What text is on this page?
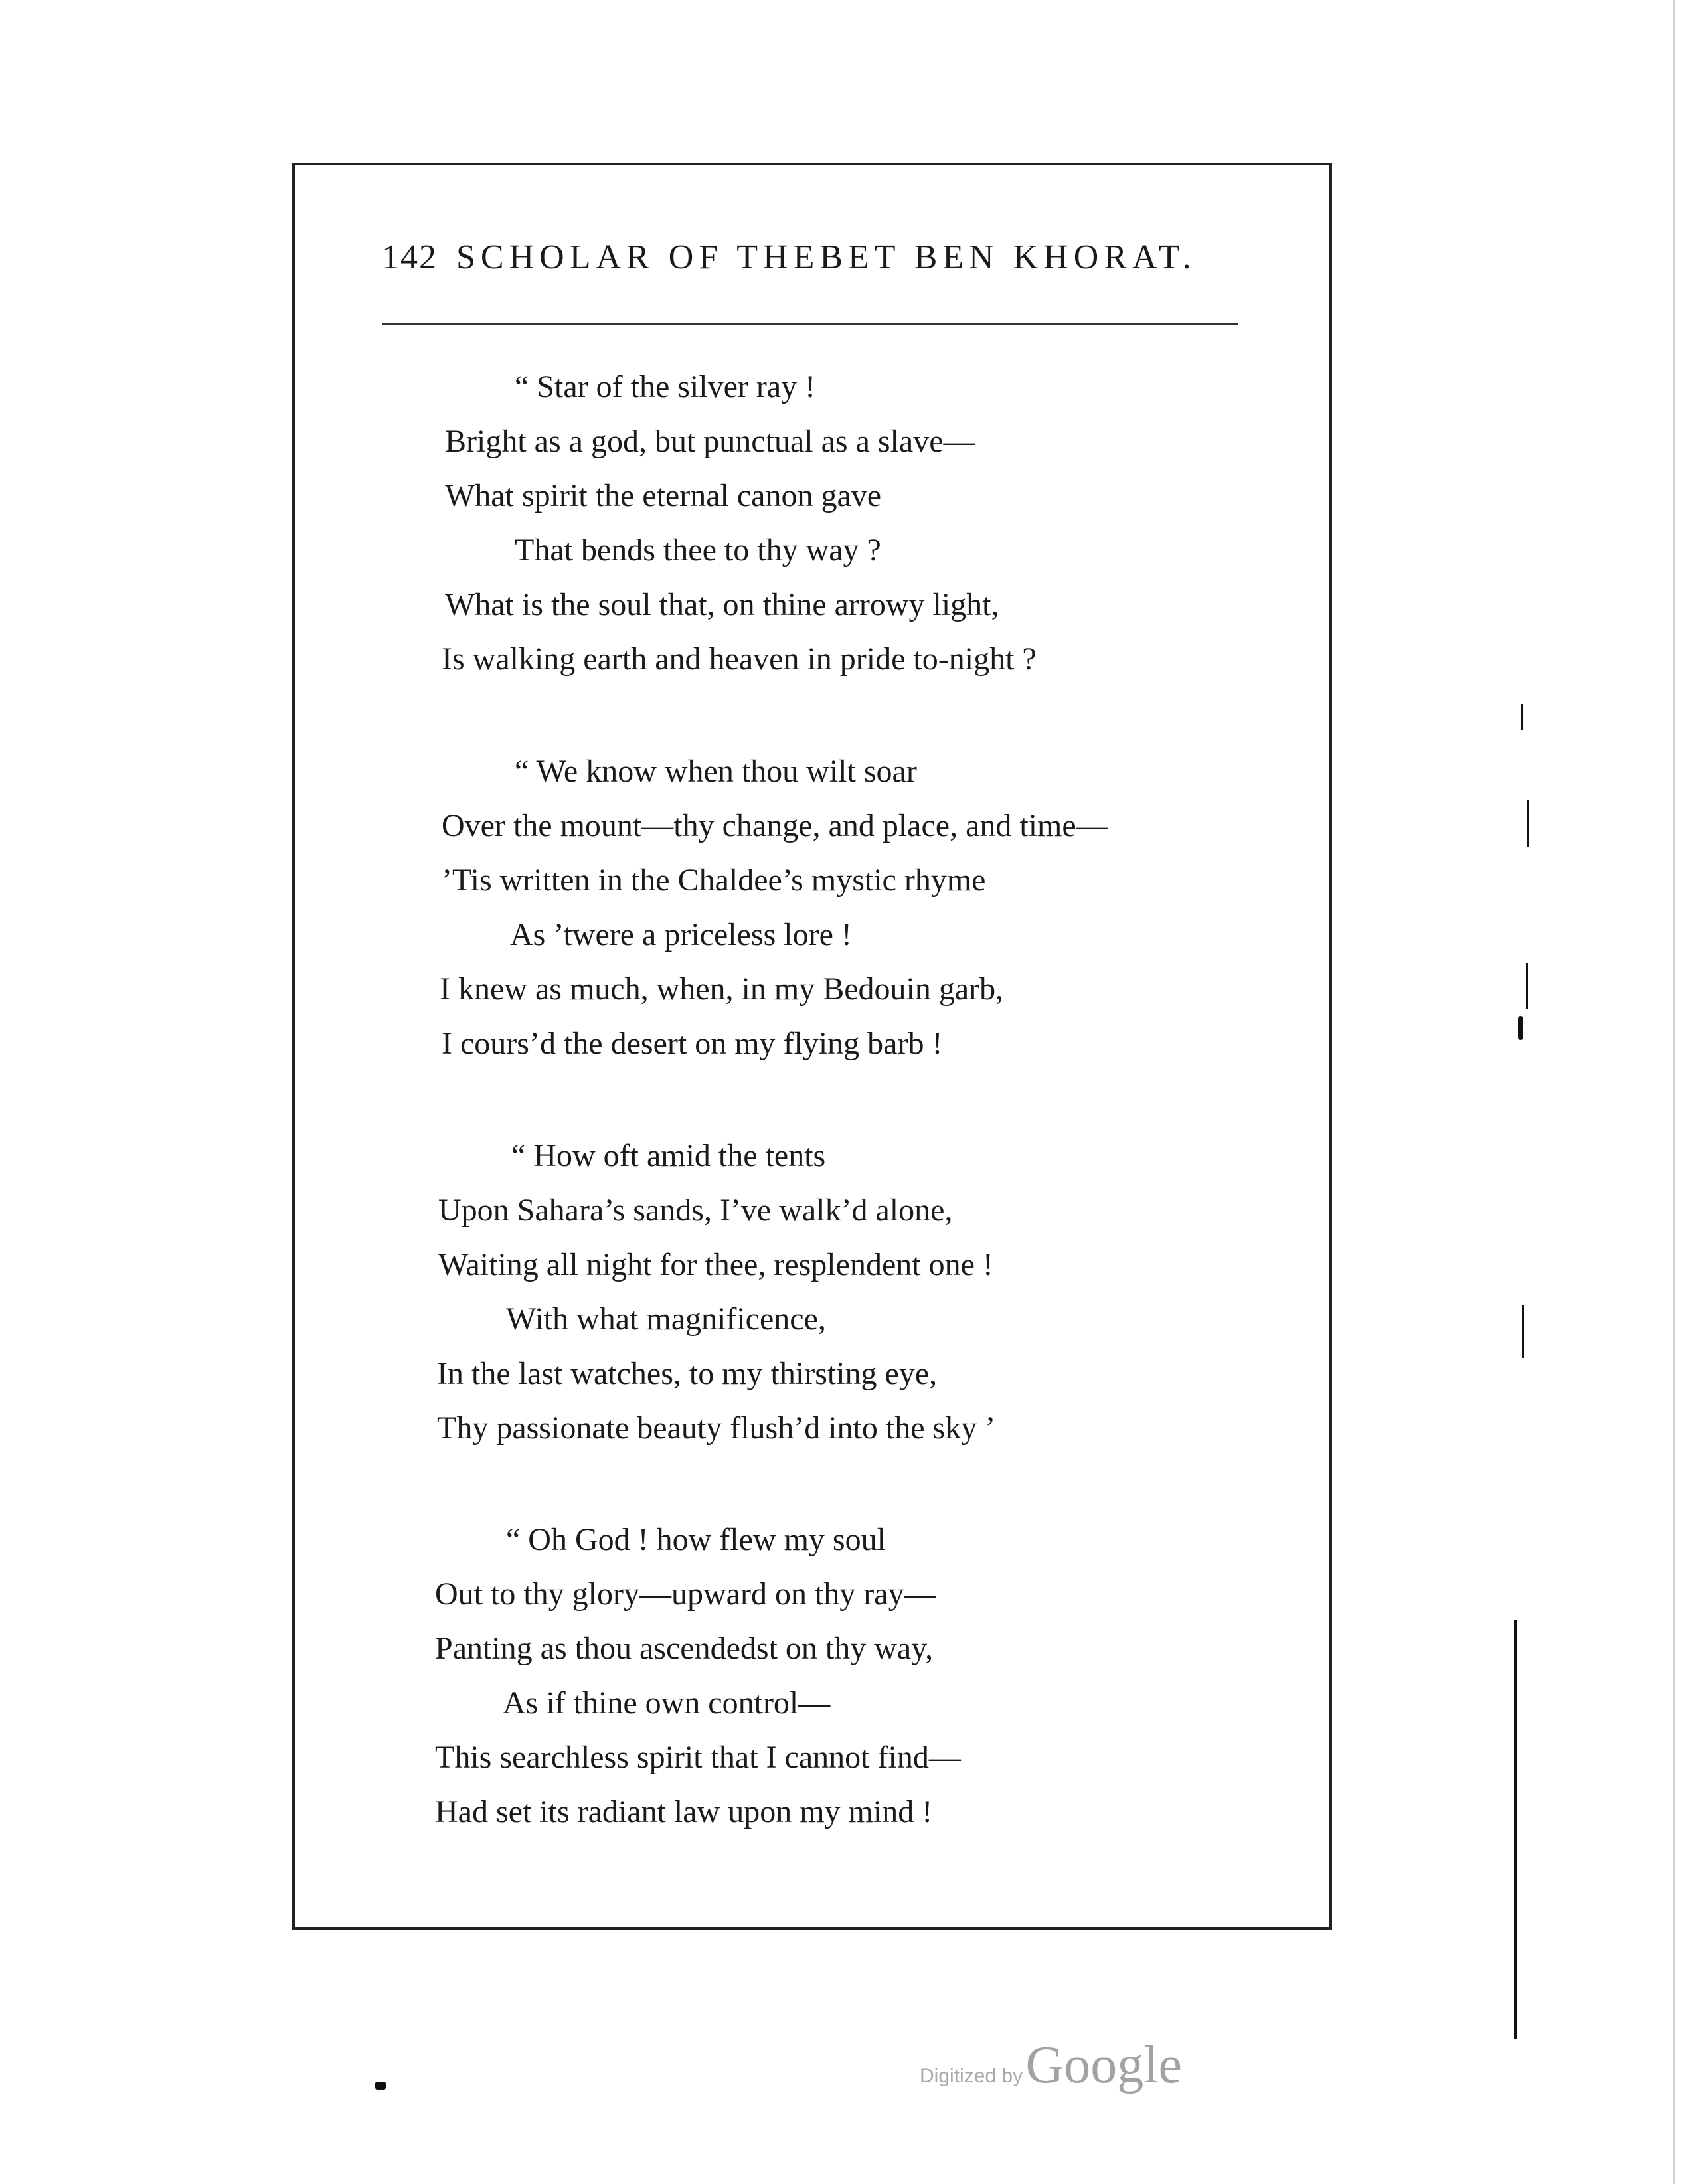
142 SCHOLAR OF THEBET BEN KHORAT.
“ Star of the silver ray !
Bright as a god, but punctual as a slave—
What spirit the eternal canon gave
That bends thee to thy way ?
What is the soul that, on thine arrowy light,
Is walking earth and heaven in pride to-night ?
“ We know when thou wilt soar
Over the mount—thy change, and place, and time—
’Tis written in the Chaldee’s mystic rhyme
As ’twere a priceless lore !
I knew as much, when, in my Bedouin garb,
I cours’d the desert on my flying barb !
“ How oft amid the tents
Upon Sahara’s sands, I’ve walk’d alone,
Waiting all night for thee, resplendent one !
With what magnificence,
In the last watches, to my thirsting eye,
Thy passionate beauty flush’d into the sky ’
“ Oh God ! how flew my soul
Out to thy glory—upward on thy ray—
Panting as thou ascendedst on thy way,
As if thine own control—
This searchless spirit that I cannot find—
Had set its radiant law upon my mind !
Digitized by Google
